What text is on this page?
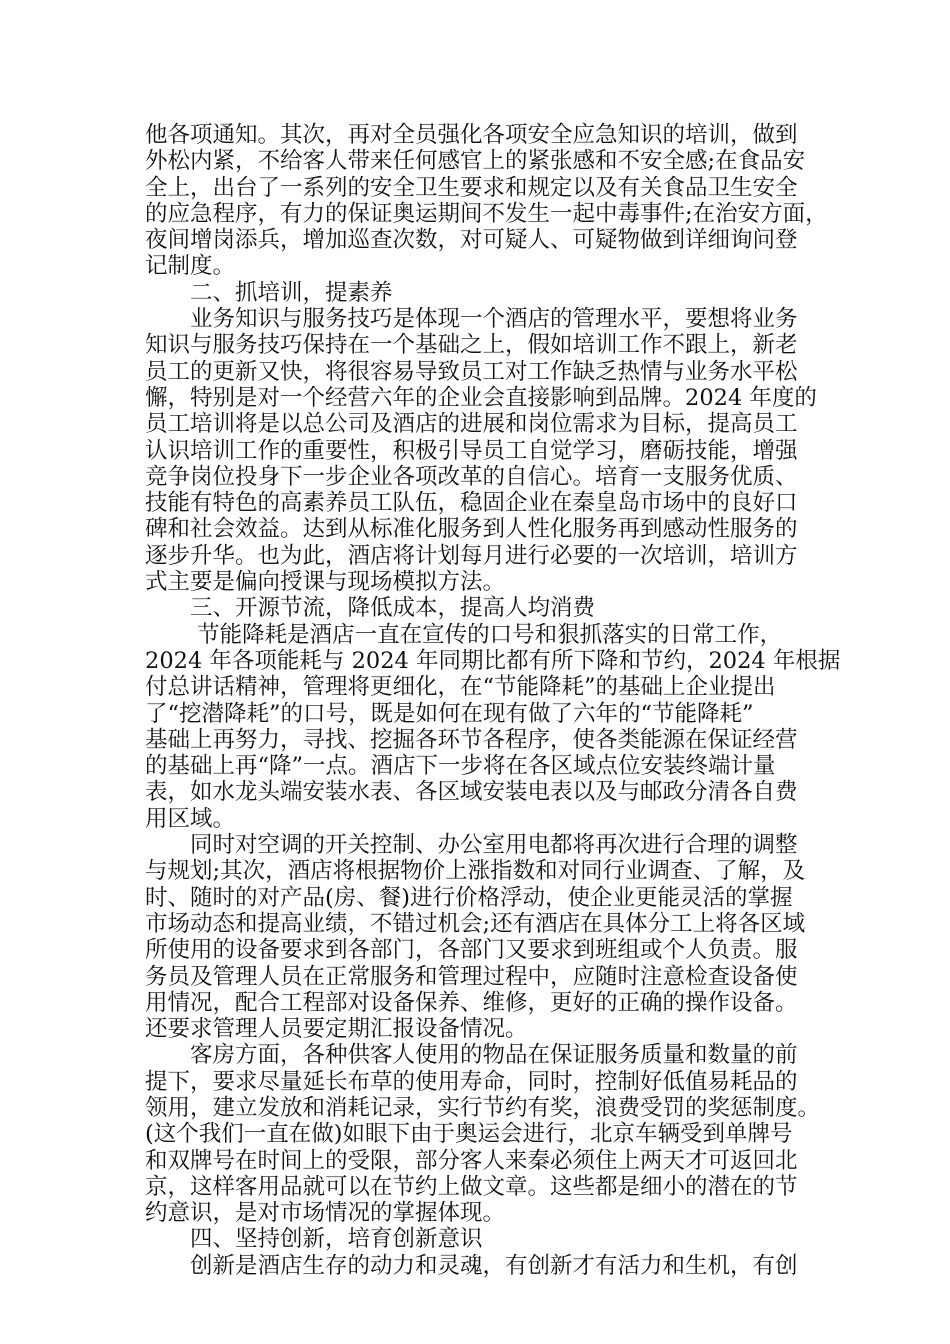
他各项通知。其次，再对全员强化各项安全应急知识的培训，做到
外松内紧，不给客人带来任何感官上的紧张感和不安全感;在食品安
全上，出台了一系列的安全卫生要求和规定以及有关食品卫生安全
的应急程序，有力的保证奥运期间不发生一起中毒事件;在治安方面，
夜间增岗添兵，增加巡查次数，对可疑人、可疑物做到详细询问登
记制度。
　　二、抓培训，提素养
　　业务知识与服务技巧是体现一个酒店的管理水平，要想将业务
知识与服务技巧保持在一个基础之上，假如培训工作不跟上，新老
员工的更新又快，将很容易导致员工对工作缺乏热情与业务水平松
懈，特别是对一个经营六年的企业会直接影响到品牌。2024 年度的
员工培训将是以总公司及酒店的进展和岗位需求为目标，提高员工
认识培训工作的重要性，积极引导员工自觉学习，磨砺技能，增强
竞争岗位投身下一步企业各项改革的自信心。培育一支服务优质、
技能有特色的高素养员工队伍，稳固企业在秦皇岛市场中的良好口
碑和社会效益。达到从标准化服务到人性化服务再到感动性服务的
逐步升华。也为此，酒店将计划每月进行必要的一次培训，培训方
式主要是偏向授课与现场模拟方法。
　　三、开源节流，降低成本，提高人均消费
　　 节能降耗是酒店一直在宣传的口号和狠抓落实的日常工作，
2024 年各项能耗与 2024 年同期比都有所下降和节约，2024 年根据
付总讲话精神，管理将更细化，在“节能降耗”的基础上企业提出
了“挖潜降耗”的口号，既是如何在现有做了六年的“节能降耗”
基础上再努力，寻找、挖掘各环节各程序，使各类能源在保证经营
的基础上再“降”一点。酒店下一步将在各区域点位安装终端计量
表，如水龙头端安装水表、各区域安装电表以及与邮政分清各自费
用区域。
　　同时对空调的开关控制、办公室用电都将再次进行合理的调整
与规划;其次，酒店将根据物价上涨指数和对同行业调查、了解，及
时、随时的对产品(房、餐)进行价格浮动，使企业更能灵活的掌握
市场动态和提高业绩，不错过机会;还有酒店在具体分工上将各区域
所使用的设备要求到各部门，各部门又要求到班组或个人负责。服
务员及管理人员在正常服务和管理过程中，应随时注意检查设备使
用情况，配合工程部对设备保养、维修，更好的正确的操作设备。
还要求管理人员要定期汇报设备情况。
　　客房方面，各种供客人使用的物品在保证服务质量和数量的前
提下，要求尽量延长布草的使用寿命，同时，控制好低值易耗品的
领用，建立发放和消耗记录，实行节约有奖，浪费受罚的奖惩制度。
(这个我们一直在做)如眼下由于奥运会进行，北京车辆受到单牌号
和双牌号在时间上的受限，部分客人来秦必须住上两天才可返回北
京，这样客用品就可以在节约上做文章。这些都是细小的潜在的节
约意识，是对市场情况的掌握体现。
　　四、坚持创新，培育创新意识
　　创新是酒店生存的动力和灵魂，有创新才有活力和生机，有创
